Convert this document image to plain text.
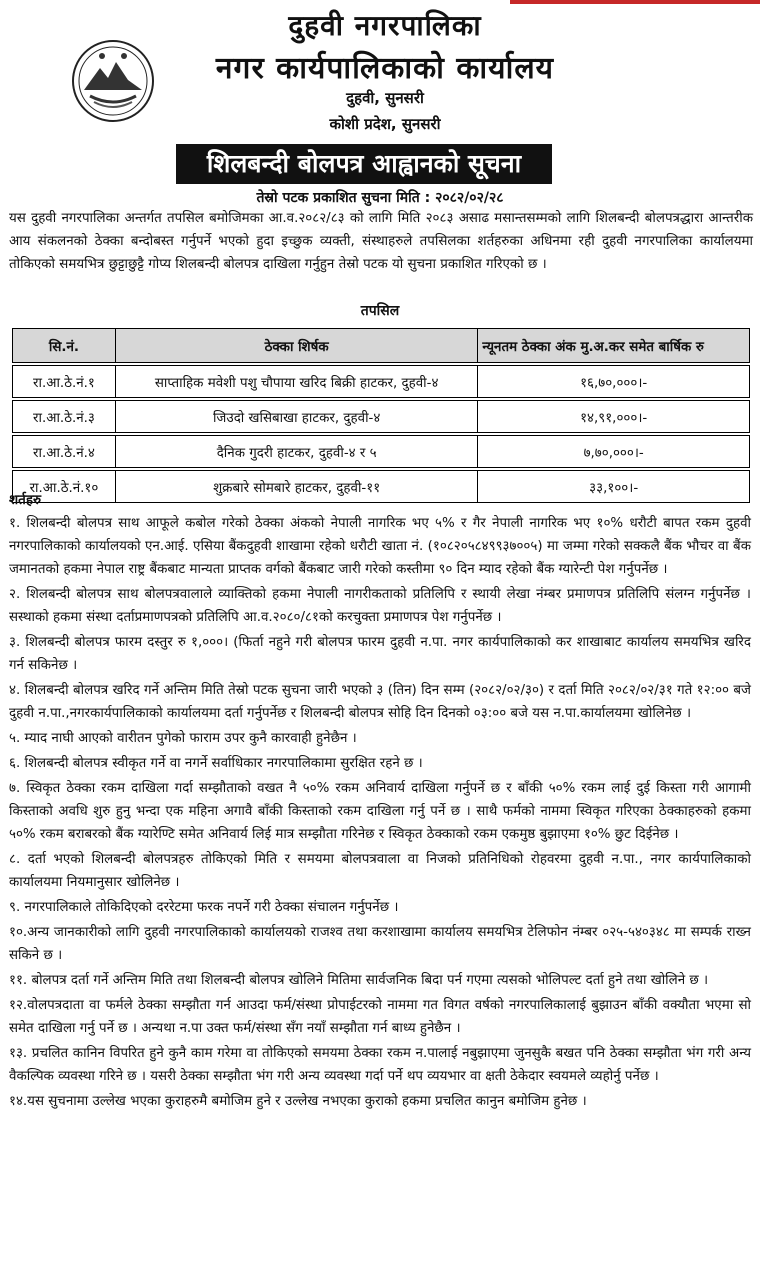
दुहवी नगरपालिका
नगर कार्यपालिकाको कार्यालय
दुहवी, सुनसरी
कोशी प्रदेश, सुनसरी
शिलबन्दी बोलपत्र आह्वानको सूचना
तेस्रो पटक प्रकाशित सुचना मिति : २०८२/०२/२८
यस दुहवी नगरपालिका अन्तर्गत तपसिल बमोजिमका आ.व.२०८२/८३ को लागि मिति २०८३ असाढ मसान्तसम्मको लागि शिलबन्दी बोलपत्रद्धारा आन्तरीक आय संकलनको ठेक्का बन्दोबस्त गर्नुपर्ने भएको हुदा इच्छुक व्यक्ती, संस्थाहरुले तपसिलका शर्तहरुका अधिनमा रही दुहवी नगरपालिका कार्यालयमा तोकिएको समयभित्र छुट्टाछुट्टै गोप्य शिलबन्दी बोलपत्र दाखिला गर्नुहुन तेस्रो पटक यो सुचना प्रकाशित गरिएको छ ।
तपसिल
सि.नं.	ठेक्का शिर्षक	न्यूनतम ठेक्का अंक मु.अ.कर समेत बार्षिक रु

रा.आ.ठे.नं.१	साप्ताहिक मवेशी पशु चौपाया खरिद बिक्री हाटकर, दुहवी-४	१६,७०,०००।-

रा.आ.ठे.नं.३	जिउदो खसिबाखा हाटकर, दुहवी-४	१४,९१,०००।-

रा.आ.ठे.नं.४	दैनिक गुदरी हाटकर, दुहवी-४ र ५	७,७०,०००।-

रा.आ.ठे.नं.१०	शुक्रबारे सोमबारे हाटकर, दुहवी-११	३३,१००।-
शर्तहरु

१. शिलबन्दी बोलपत्र साथ आफूले कबोल गरेको ठेक्का अंकको नेपाली नागरिक भए ५% र गैर नेपाली नागरिक भए १०% धरौटी बापत रकम दुहवी नगरपालिकाको कार्यालयको एन.आई. एसिया बैंकदुहवी शाखामा रहेको धरौटी खाता नं. (१०८२०५८४९९३७००५) मा जम्मा गरेको सक्कलै बैंक भौचर वा बैंक जमानतको हकमा नेपाल राष्ट्र बैंकबाट मान्यता प्राप्तक वर्गको बैंकबाट जारी गरेको कस्तीमा ९० दिन म्याद रहेको बैंक ग्यारेन्टी पेश गर्नुपर्नेछ ।

२. शिलबन्दी बोलपत्र साथ बोलपत्रवालाले व्याक्तिको हकमा नेपाली नागरीकताको प्रतिलिपि र स्थायी लेखा नंम्बर प्रमाणपत्र प्रतिलिपि संलग्न गर्नुपर्नेछ । सस्थाको हकमा संस्था दर्ताप्रमाणपत्रको प्रतिलिपि आ.व.२०८०/८१को करचुक्ता प्रमाणपत्र पेश गर्नुपर्नेछ ।

३. शिलबन्दी बोलपत्र फारम दस्तुर रु १,०००। (फिर्ता नहुने गरी बोलपत्र फारम दुहवी न.पा. नगर कार्यपालिकाको कर शाखाबाट कार्यालय समयभित्र खरिद गर्न सकिनेछ ।

४. शिलबन्दी बोलपत्र खरिद गर्ने अन्तिम मिति तेस्रो पटक सुचना जारी भएको ३ (तिन) दिन सम्म (२०८२/०२/३०) र दर्ता मिति २०८२/०२/३१ गते १२:०० बजे दुहवी न.पा.,नगरकार्यपालिकाको कार्यालयमा दर्ता गर्नुपर्नेछ र शिलबन्दी बोलपत्र सोहि दिन दिनको ०३:०० बजे यस न.पा.कार्यालयमा खोलिनेछ ।

५. म्याद नाघी आएको वारीतन पुगेको फाराम उपर कुनै कारवाही हुनेछैन ।

६. शिलबन्दी बोलपत्र स्वीकृत गर्ने वा नगर्ने सर्वाधिकार नगरपालिकामा सुरक्षित रहने छ ।

७. स्विकृत ठेक्का रकम दाखिला गर्दा सम्झौताको वखत नै ५०% रकम अनिवार्य दाखिला गर्नुपर्ने छ र बाँकी ५०% रकम लाई दुई किस्ता गरी आगामी किस्ताको अवधि शुरु हुनु भन्दा एक महिना अगावै बाँकी किस्ताको रकम दाखिला गर्नु पर्ने छ । साथै फर्मको नाममा स्विकृत गरिएका ठेक्काहरुको हकमा ५०% रकम बराबरको बैंक ग्यारेण्टि समेत अनिवार्य लिई मात्र सम्झौता गरिनेछ र स्विकृत ठेक्काको रकम एकमुष्ठ बुझाएमा १०% छुट दिईनेछ ।

८. दर्ता भएको शिलबन्दी बोलपत्रहरु तोकिएको मिति र समयमा बोलपत्रवाला वा निजको प्रतिनिधिको रोहवरमा दुहवी न.पा., नगर कार्यपालिकाको कार्यालयमा नियमानुसार खोलिनेछ ।

९. नगरपालिकाले तोकिदिएको दररेटमा फरक नपर्ने गरी ठेक्का संचालन गर्नुपर्नेछ ।

१०.अन्य जानकारीको लागि दुहवी नगरपालिकाको कार्यालयको राजश्व तथा करशाखामा कार्यालय समयभित्र टेलिफोन नंम्बर ०२५-५४०३४८ मा सम्पर्क राख्न सकिने छ ।

११. बोलपत्र दर्ता गर्ने अन्तिम मिति तथा शिलबन्दी बोलपत्र खोलिने मितिमा सार्वजनिक बिदा पर्न गएमा त्यसको भोलिपल्ट दर्ता हुने तथा खोलिने छ ।

१२.वोलपत्रदाता वा फर्मले ठेक्का सम्झौता गर्न आउदा फर्म/संस्था प्रोपाईटरको नाममा गत विगत वर्षको नगरपालिकालाई बुझाउन बाँकी वक्यौता भएमा सो समेत दाखिला गर्नु पर्ने छ । अन्यथा न.पा उक्त फर्म/संस्था सँग नयाँ सम्झौता गर्न बाध्य हुनेछैन ।

१३. प्रचलित कानिन विपरित हुने कुनै काम गरेमा वा तोकिएको समयमा ठेक्का रकम न.पालाई नबुझाएमा जुनसुकै बखत पनि ठेक्का सम्झौता भंग गरी अन्य वैकल्पिक व्यवस्था गरिने छ । यसरी ठेक्का सम्झौता भंग गरी अन्य व्यवस्था गर्दा पर्ने थप व्ययभार वा क्षती ठेकेदार स्वयमले व्यहोर्नु पर्नेछ ।

१४.यस सुचनामा उल्लेख भएका कुराहरुमै बमोजिम हुने र उल्लेख नभएका कुराको हकमा प्रचलित कानुन बमोजिम हुनेछ ।
